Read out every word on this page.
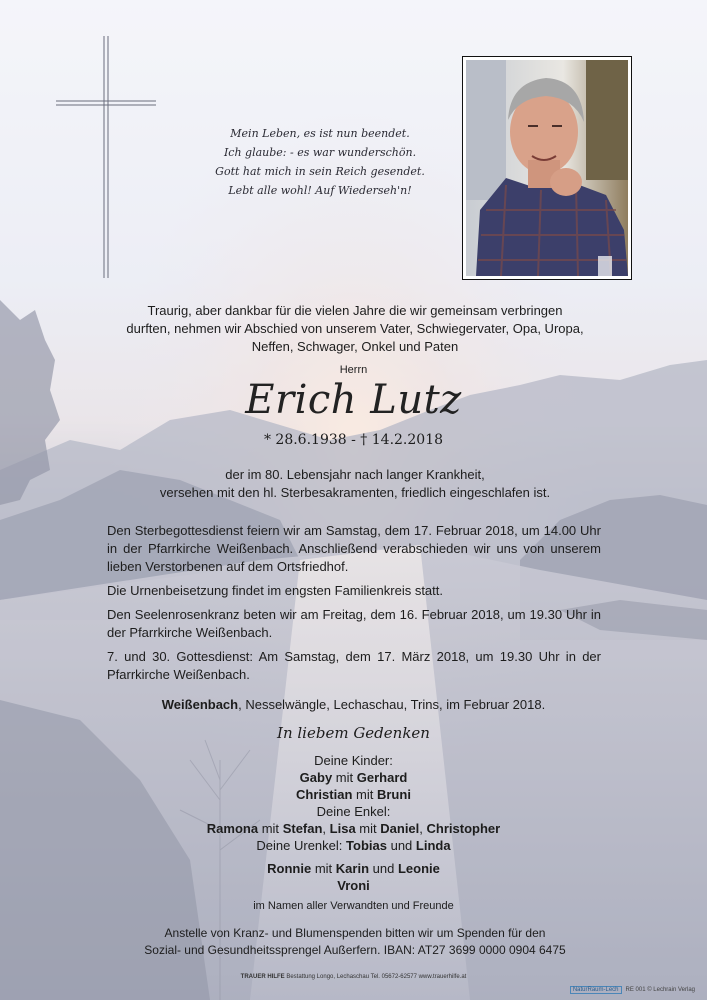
Mein Leben, es ist nun beendet.
Ich glaube: - es war wunderschön.
Gott hat mich in sein Reich gesendet.
Lebt alle wohl! Auf Wiederseh'n!
Traurig, aber dankbar für die vielen Jahre die wir gemeinsam verbringen
durften, nehmen wir Abschied von unserem Vater, Schwiegervater, Opa, Uropa,
Neffen, Schwager, Onkel und Paten
Herrn
Erich Lutz
* 28.6.1938 - † 14.2.2018
der im 80. Lebensjahr nach langer Krankheit,
versehen mit den hl. Sterbesakramenten, friedlich eingeschlafen ist.

Den Sterbegottesdienst feiern wir am Samstag, dem 17. Februar 2018, um 14.00 Uhr in der Pfarrkirche Weißenbach. Anschließend verabschieden wir uns von unserem lieben Verstorbenen auf dem Ortsfriedhof.

Die Urnenbeisetzung findet im engsten Familienkreis statt.

Den Seelenrosenkranz beten wir am Freitag, dem 16. Februar 2018, um 19.30 Uhr in der Pfarrkirche Weißenbach.

7. und 30. Gottesdienst: Am Samstag, dem 17. März 2018, um 19.30 Uhr in der Pfarrkirche Weißenbach.

Weißenbach, Nesselwängle, Lechaschau, Trins, im Februar 2018.
In liebem Gedenken
Deine Kinder:
Gaby mit Gerhard
Christian mit Bruni
Deine Enkel:
Ramona mit Stefan, Lisa mit Daniel, Christopher
Deine Urenkel: Tobias und Linda
Ronnie mit Karin und Leonie
Vroni
im Namen aller Verwandten und Freunde
Anstelle von Kranz- und Blumenspenden bitten wir um Spenden für den
Sozial- und Gesundheitssprengel Außerfern. IBAN: AT27 3699 0000 0904 6475
TRAUER HILFE Bestattung Longo, Lechaschau Tel. 05672-62577 www.trauerhilfe.at
NaturRaum-Lech RE 001 © Lechrain Verlag
